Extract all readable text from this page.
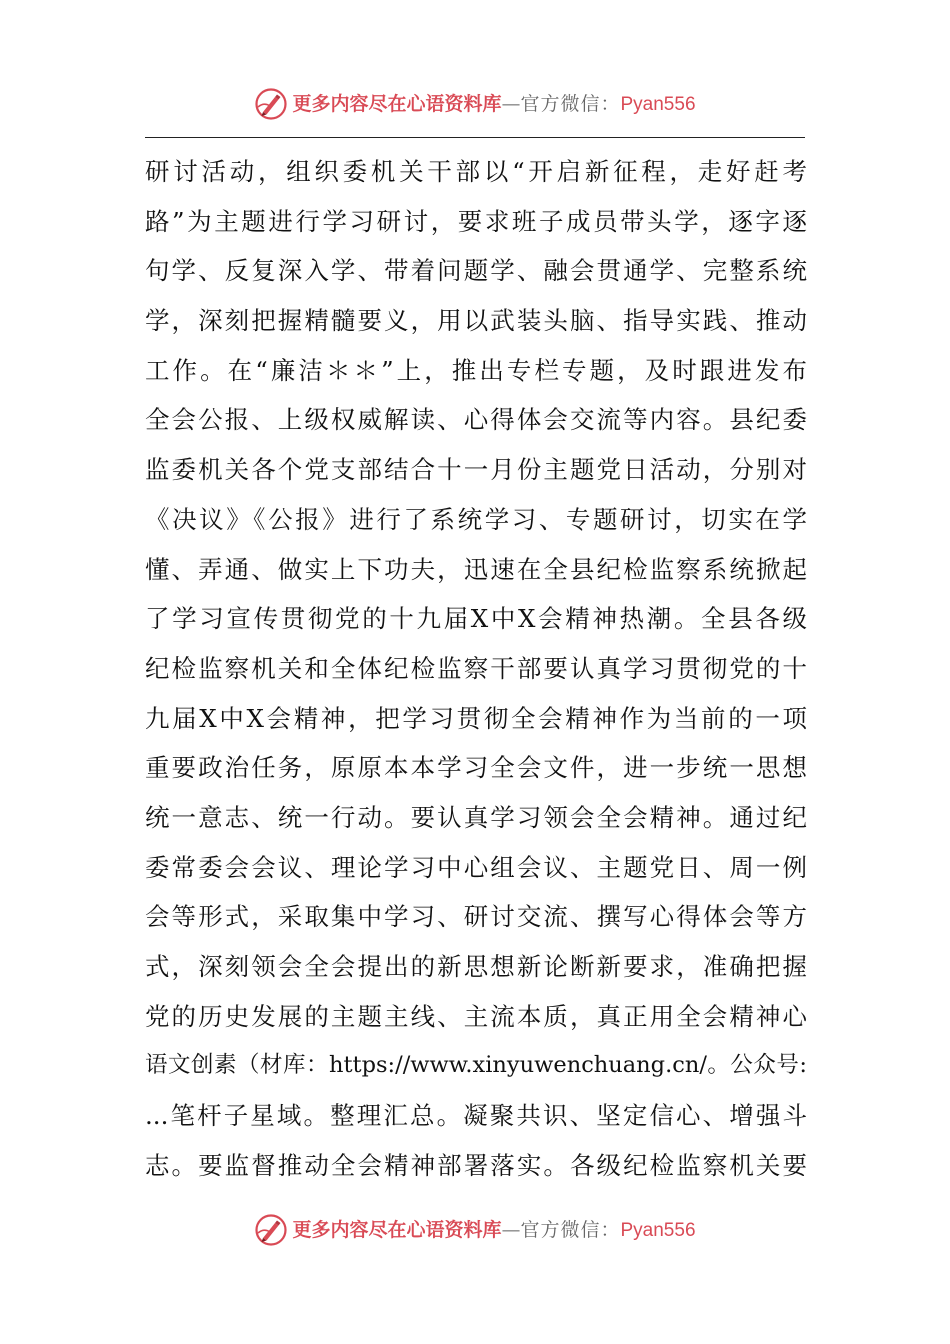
更多内容尽在心语资料库 — 官方微信： Pyan556
研讨活动，组织委机关干部以“开启新征程，走好赶考
路”为主题进行学习研讨，要求班子成员带头学，逐字逐
句学、反复深入学、带着问题学、融会贯通学、完整系统
学，深刻把握精髓要义，用以武装头脑、指导实践、推动
工作。在“廉洁＊＊”上，推出专栏专题，及时跟进发布
全会公报、上级权威解读、心得体会交流等内容。县纪委
监委机关各个党支部结合十一月份主题党日活动，分别对
《决议》《公报》进行了系统学习、专题研讨，切实在学
懂、弄通、做实上下功夫，迅速在全县纪检监察系统掀起
了学习宣传贯彻党的十九届X中X会精神热潮。全县各级
纪检监察机关和全体纪检监察干部要认真学习贯彻党的十
九届X中X会精神，把学习贯彻全会精神作为当前的一项
重要政治任务，原原本本学习全会文件，进一步统一思想
统一意志、统一行动。要认真学习领会全会精神。通过纪
委常委会会议、理论学习中心组会议、主题党日、周一例
会等形式，采取集中学习、研讨交流、撰写心得体会等方
式，深刻领会全会提出的新思想新论断新要求，准确把握
党的历史发展的主题主线、主流本质，真正用全会精神心
语文创素（材库：https://www.xinyuwenchuang.cn/。公众号:
...笔杆子星域。整理汇总。凝聚共识、坚定信心、增强斗
志。要监督推动全会精神部署落实。各级纪检监察机关要
更多内容尽在心语资料库 — 官方微信： Pyan556
